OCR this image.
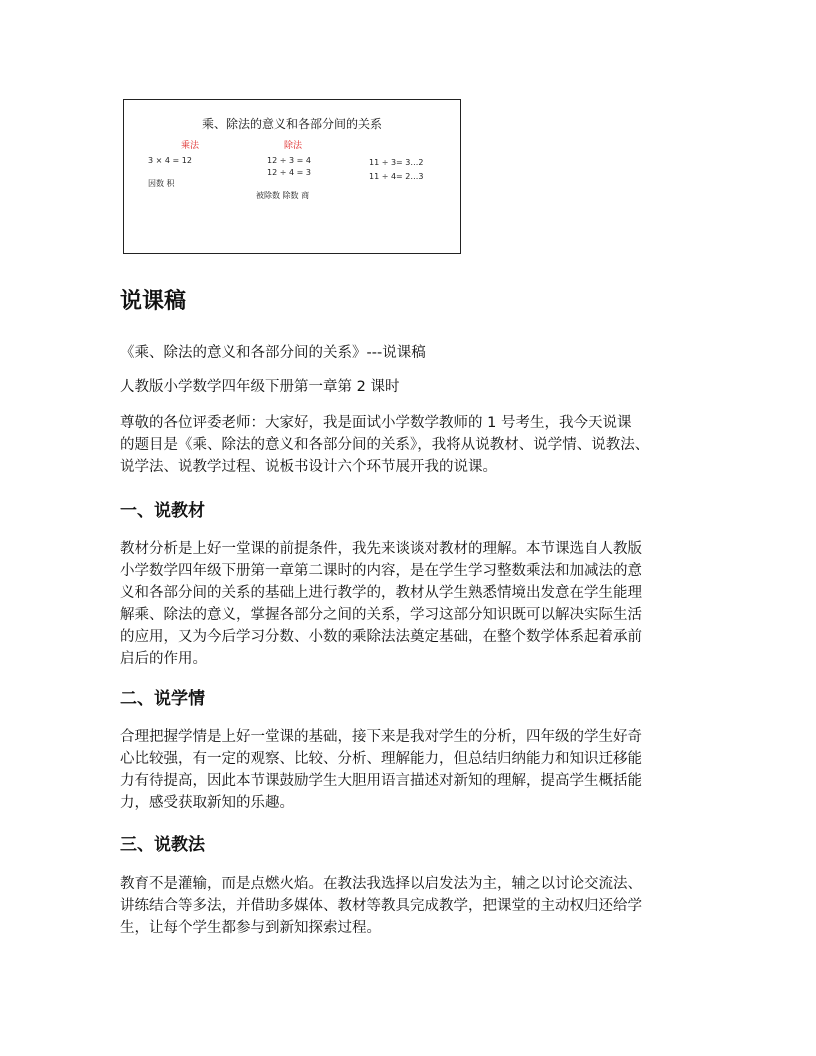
乘、除法的意义和各部分间的关系
乘法	除法
3 × 4 = 12
因数 积
12 ÷ 3 = 4
12 ÷ 4 = 3
被除数 除数 商
11 ÷ 3= 3…2
11 ÷ 4= 2…3
说课稿

《乘、除法的意义和各部分间的关系》---说课稿

人教版小学数学四年级下册第一章第 2 课时

尊敬的各位评委老师：大家好，我是面试小学数学教师的 1 号考生，我今天说课
的题目是《乘、除法的意义和各部分间的关系》，我将从说教材、说学情、说教法、
说学法、说教学过程、说板书设计六个环节展开我的说课。

一、说教材

教材分析是上好一堂课的前提条件，我先来谈谈对教材的理解。本节课选自人教版
小学数学四年级下册第一章第二课时的内容，是在学生学习整数乘法和加减法的意
义和各部分间的关系的基础上进行教学的，教材从学生熟悉情境出发意在学生能理
解乘、除法的意义，掌握各部分之间的关系，学习这部分知识既可以解决实际生活
的应用，又为今后学习分数、小数的乘除法法奠定基础，在整个数学体系起着承前
启后的作用。

二、说学情

合理把握学情是上好一堂课的基础，接下来是我对学生的分析，四年级的学生好奇
心比较强，有一定的观察、比较、分析、理解能力，但总结归纳能力和知识迁移能
力有待提高，因此本节课鼓励学生大胆用语言描述对新知的理解，提高学生概括能
力，感受获取新知的乐趣。

三、说教法

教育不是灌输，而是点燃火焰。在教法我选择以启发法为主，辅之以讨论交流法、
讲练结合等多法，并借助多媒体、教材等教具完成教学，把课堂的主动权归还给学
生，让每个学生都参与到新知探索过程。
